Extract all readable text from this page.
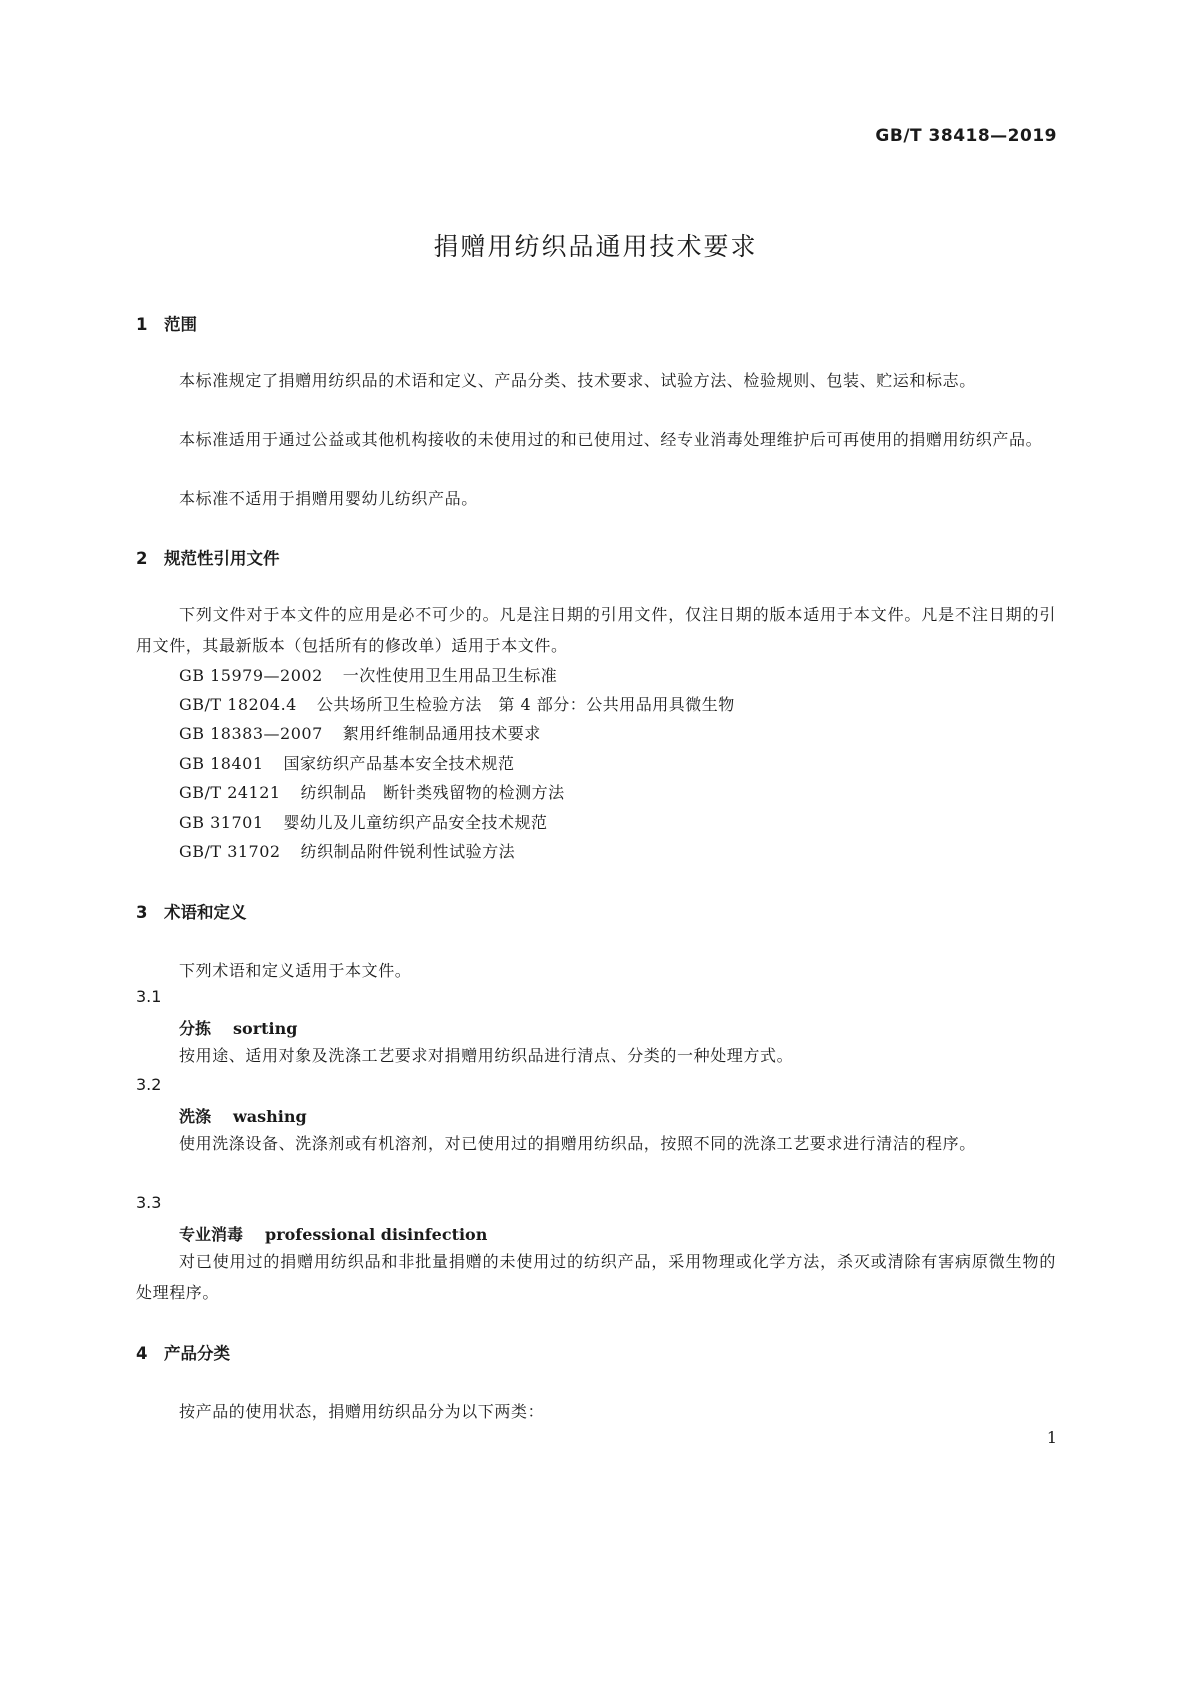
GB/T 38418—2019
捐赠用纺织品通用技术要求
1 范围
本标准规定了捐赠用纺织品的术语和定义、产品分类、技术要求、试验方法、检验规则、包装、贮运和标志。
本标准适用于通过公益或其他机构接收的未使用过的和已使用过、经专业消毒处理维护后可再使用的捐赠用纺织产品。
本标准不适用于捐赠用婴幼儿纺织产品。
2 规范性引用文件
下列文件对于本文件的应用是必不可少的。凡是注日期的引用文件，仅注日期的版本适用于本文件。凡是不注日期的引用文件，其最新版本（包括所有的修改单）适用于本文件。
GB 15979—2002 一次性使用卫生用品卫生标准
GB/T 18204.4 公共场所卫生检验方法　第 4 部分：公共用品用具微生物
GB 18383—2007 絮用纤维制品通用技术要求
GB 18401 国家纺织产品基本安全技术规范
GB/T 24121 纺织制品　断针类残留物的检测方法
GB 31701 婴幼儿及儿童纺织产品安全技术规范
GB/T 31702 纺织制品附件锐利性试验方法
3 术语和定义
下列术语和定义适用于本文件。
3.1
分拣 sorting
按用途、适用对象及洗涤工艺要求对捐赠用纺织品进行清点、分类的一种处理方式。
3.2
洗涤 washing
使用洗涤设备、洗涤剂或有机溶剂，对已使用过的捐赠用纺织品，按照不同的洗涤工艺要求进行清洁的程序。
3.3
专业消毒 professional disinfection
对已使用过的捐赠用纺织品和非批量捐赠的未使用过的纺织产品，采用物理或化学方法，杀灭或清除有害病原微生物的处理程序。
4 产品分类
按产品的使用状态，捐赠用纺织品分为以下两类：
1
